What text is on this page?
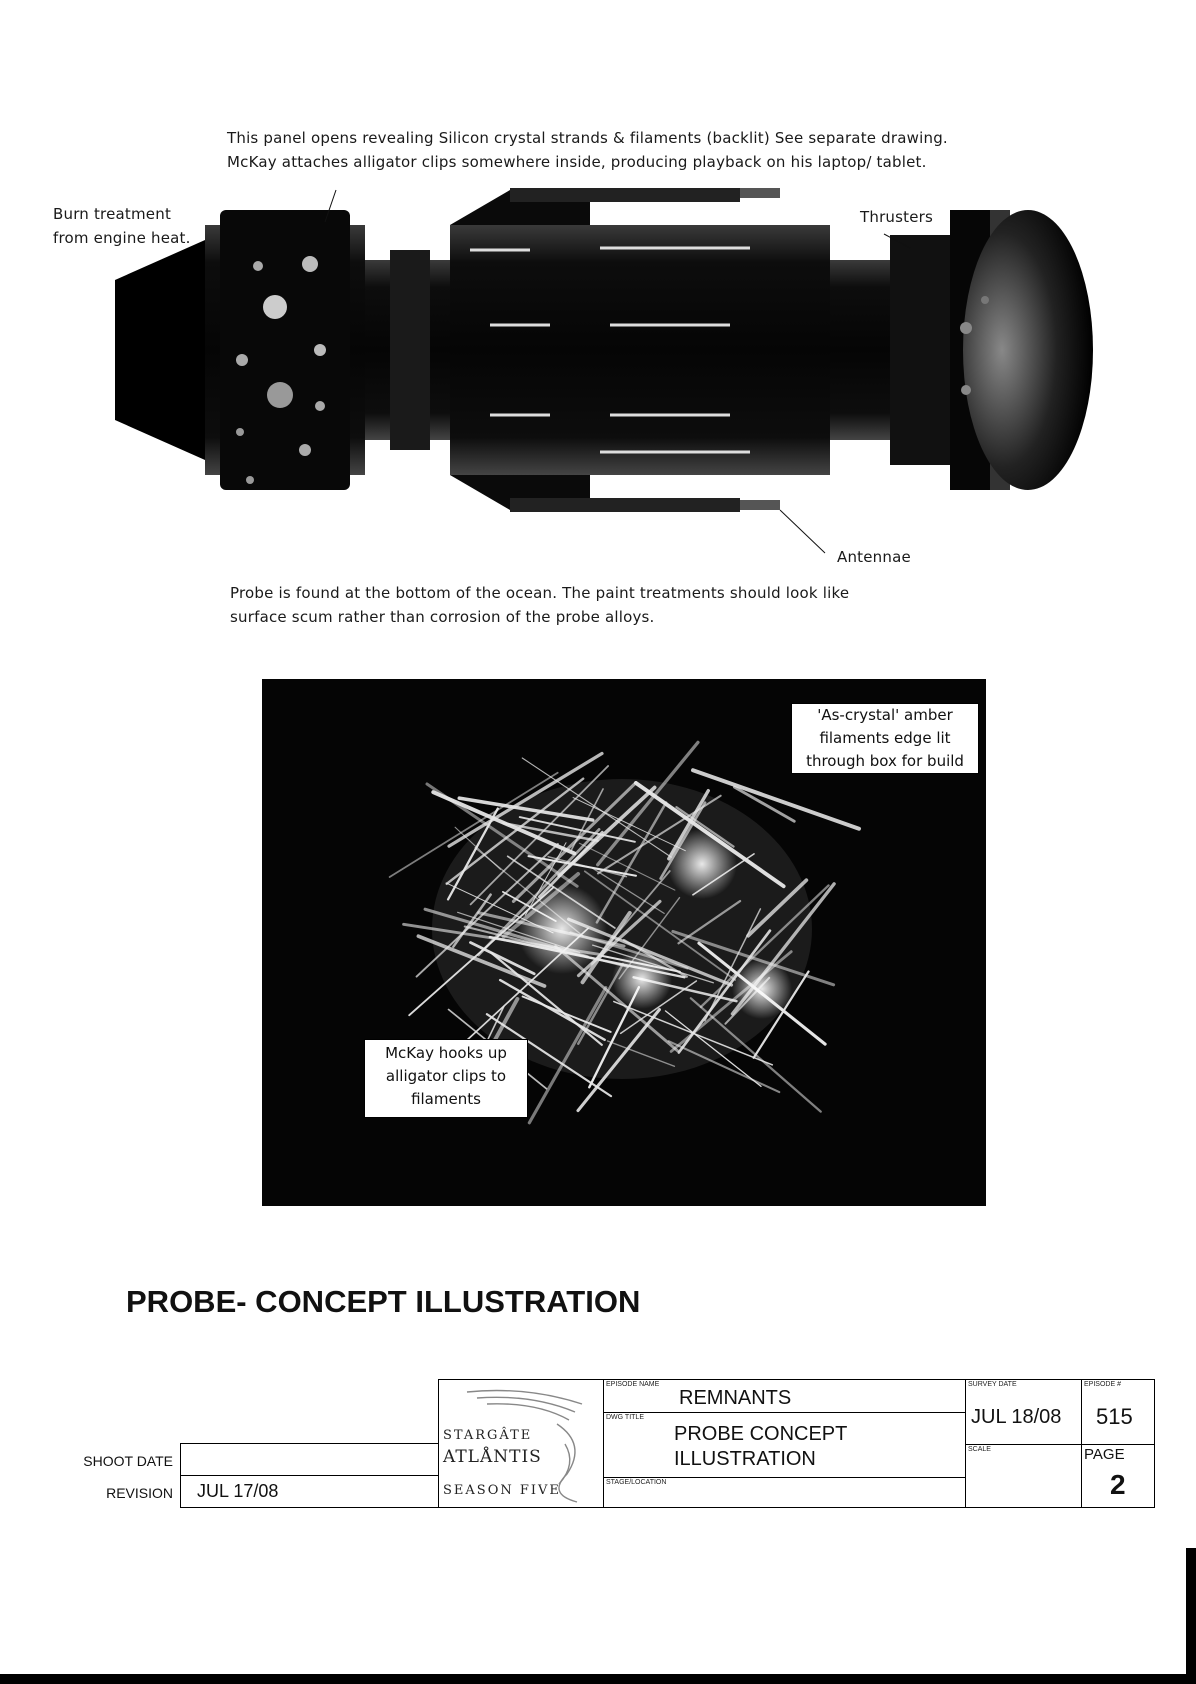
This panel opens revealing Silicon crystal strands & filaments (backlit) See separate drawing.
McKay attaches alligator clips somewhere inside, producing playback on his laptop/ tablet.
Burn treatment
from engine heat.
Thrusters
Antennae
Probe is found at the bottom of the ocean. The paint treatments should look like
surface scum rather than corrosion of the probe alloys.
'As-crystal' amber
filaments edge lit
through box for build
McKay hooks up
alligator clips to
filaments
PROBE- CONCEPT ILLUSTRATION
SHOOT DATE
REVISION JUL 17/08
STARGÂTE
ATLÅNTIS
SEASON FIVE
EPISODE NAME
REMNANTS
DWG TITLE
PROBE CONCEPT
ILLUSTRATION
STAGE/LOCATION
SURVEY DATE
JUL 18/08
SCALE
EPISODE #
515
PAGE
2
